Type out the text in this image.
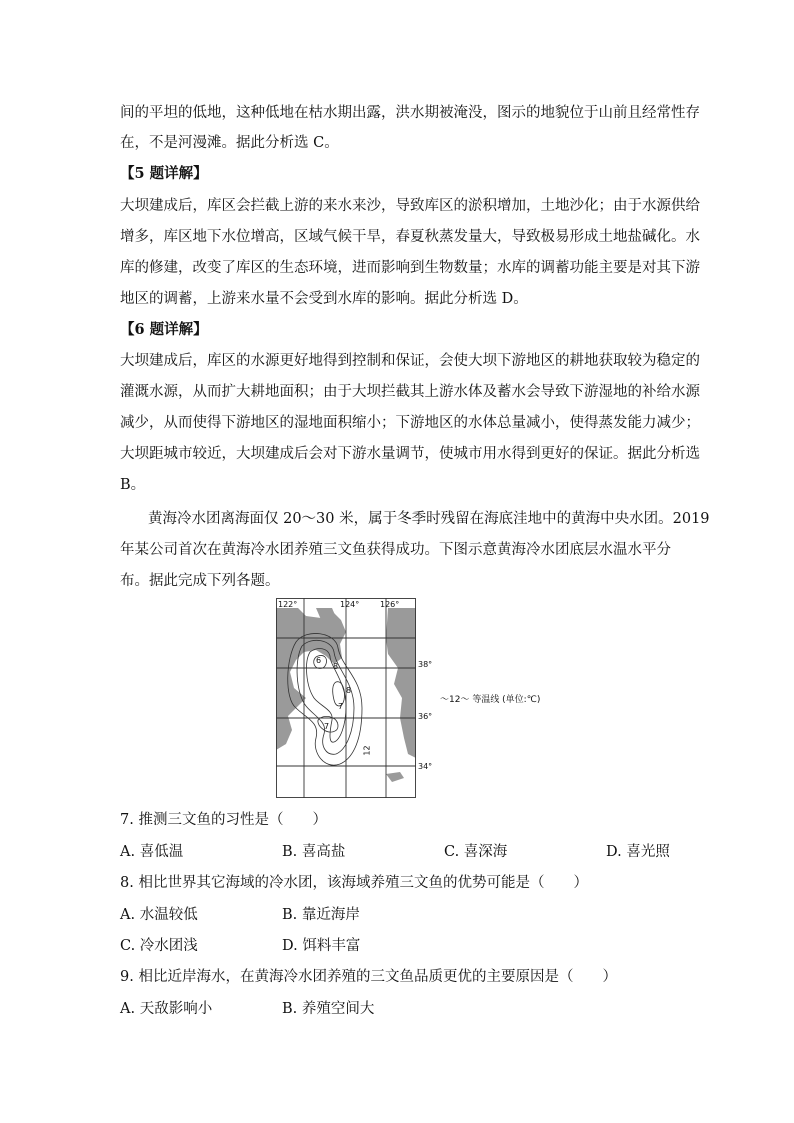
间的平坦的低地，这种低地在枯水期出露，洪水期被淹没，图示的地貌位于山前且经常性存
在，不是河漫滩。据此分析选 C。
【5 题详解】
大坝建成后，库区会拦截上游的来水来沙，导致库区的淤积增加，土地沙化；由于水源供给
增多，库区地下水位增高，区域气候干旱，春夏秋蒸发量大，导致极易形成土地盐碱化。水
库的修建，改变了库区的生态环境，进而影响到生物数量；水库的调蓄功能主要是对其下游
地区的调蓄，上游来水量不会受到水库的影响。据此分析选 D。
【6 题详解】
大坝建成后，库区的水源更好地得到控制和保证，会使大坝下游地区的耕地获取较为稳定的
灌溉水源，从而扩大耕地面积；由于大坝拦截其上游水体及蓄水会导致下游湿地的补给水源
减少，从而使得下游地区的湿地面积缩小；下游地区的水体总量减小，使得蒸发能力减少；
大坝距城市较近，大坝建成后会对下游水量调节，使城市用水得到更好的保证。据此分析选
B。
黄海冷水团离海面仅 20～30 米，属于冬季时残留在海底洼地中的黄海中央水团。2019
年某公司首次在黄海冷水团养殖三文鱼获得成功。下图示意黄海冷水团底层水温水平分
布。据此完成下列各题。
122°	124°	126°
38°
36°
34°
6
8
8
7
7
12
～12～ 等温线 (单位:℃)
7. 推测三文鱼的习性是（　　）
A. 喜低温	B. 喜高盐	C. 喜深海	D. 喜光照
8. 相比世界其它海域的冷水团，该海域养殖三文鱼的优势可能是（　　）
A. 水温较低	B. 靠近海岸
C. 冷水团浅	D. 饵料丰富
9. 相比近岸海水，在黄海冷水团养殖的三文鱼品质更优的主要原因是（　　）
A. 天敌影响小	B. 养殖空间大
